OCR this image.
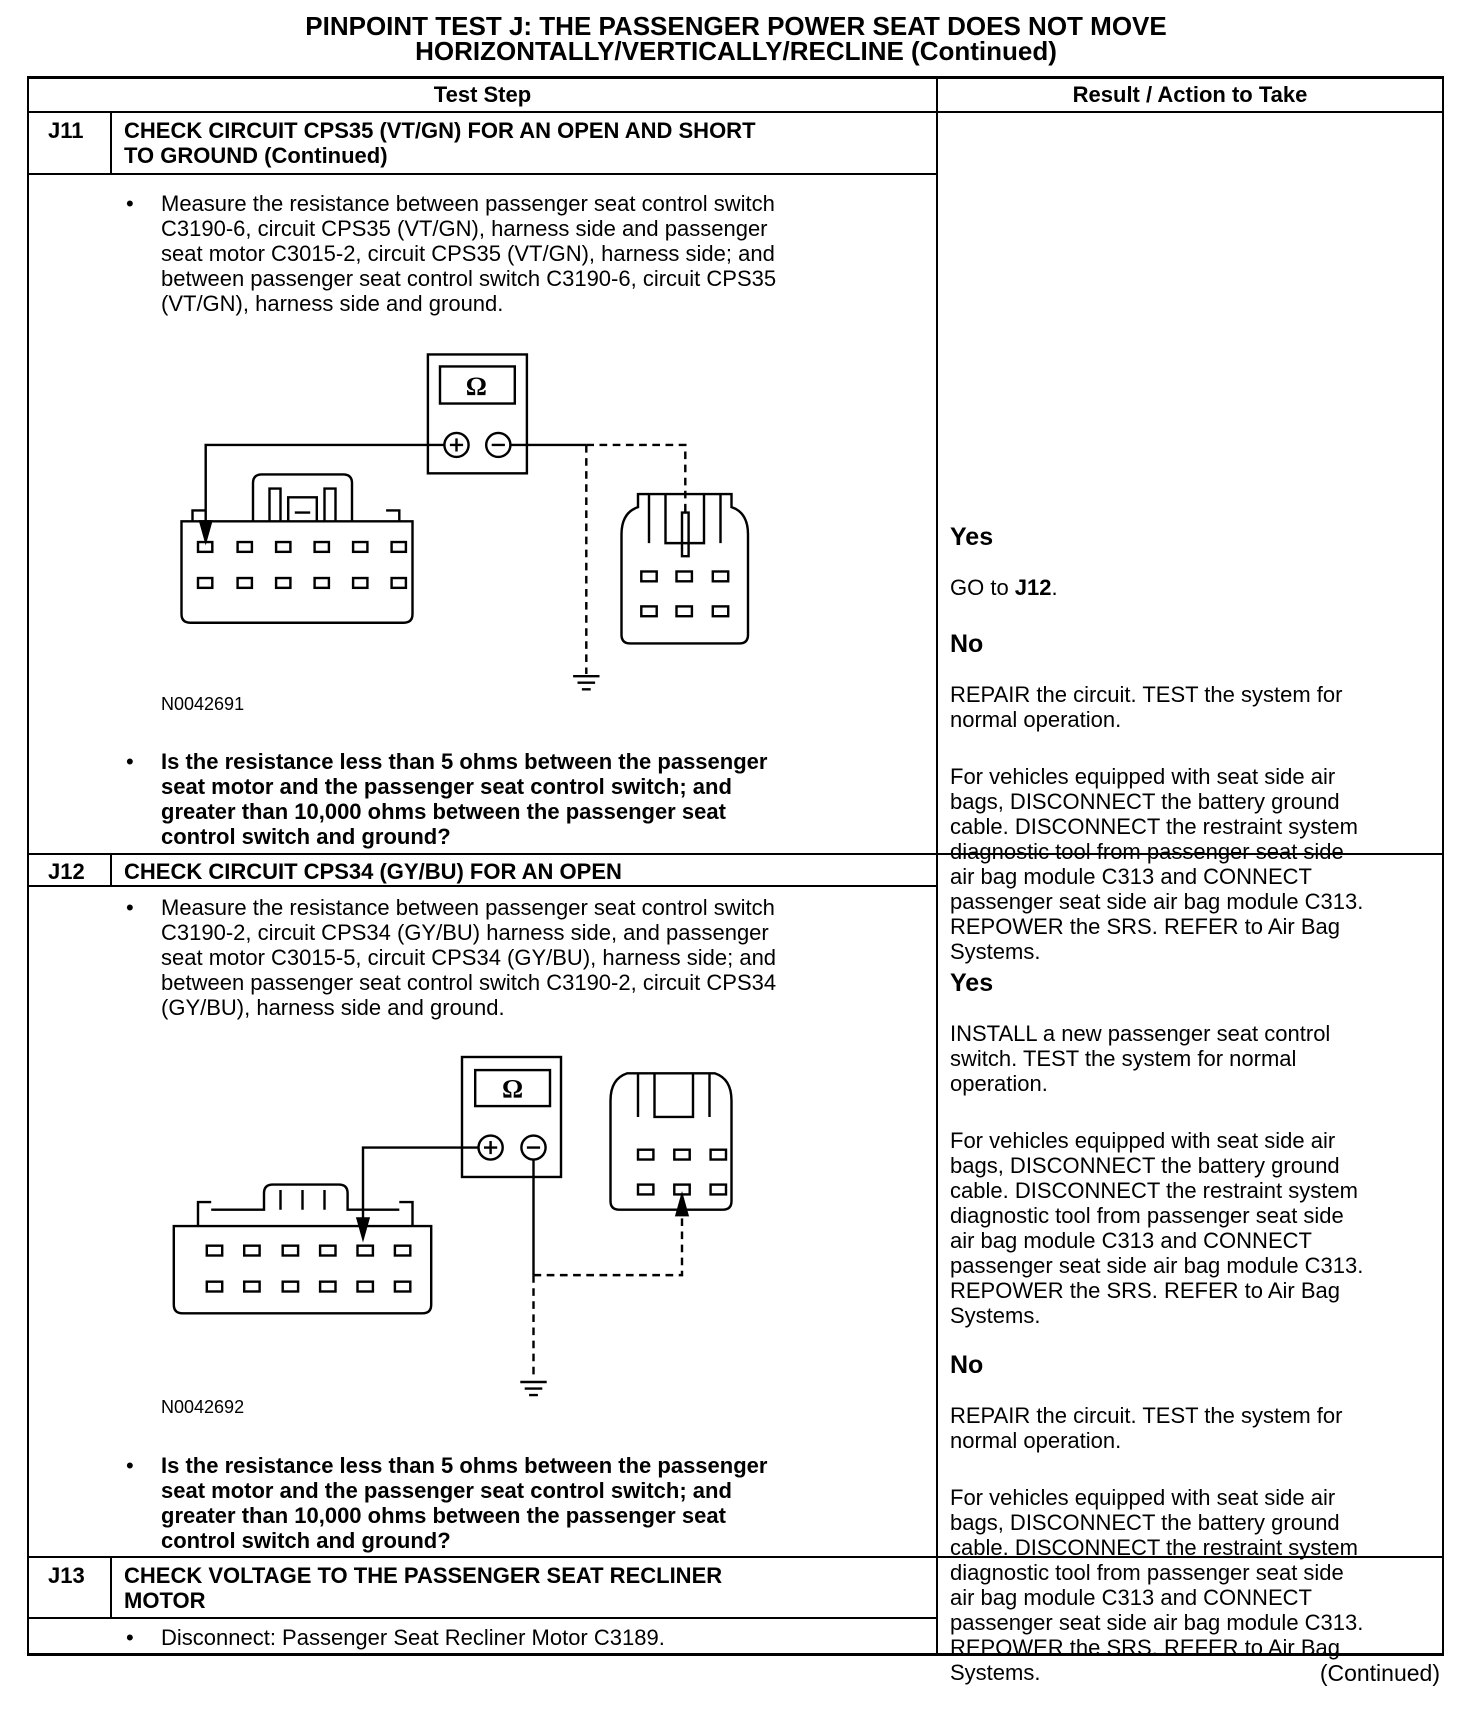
PINPOINT TEST J: THE PASSENGER POWER SEAT DOES NOT MOVE
HORIZONTALLY/VERTICALLY/RECLINE (Continued)
Test Step	Result / Action to Take
J11 CHECK CIRCUIT CPS35 (VT/GN) FOR AN OPEN AND SHORT
TO GROUND (Continued)
• Measure the resistance between passenger seat control switch
C3190-6, circuit CPS35 (VT/GN), harness side and passenger
seat motor C3015-2, circuit CPS35 (VT/GN), harness side; and
between passenger seat control switch C3190-6, circuit CPS35
(VT/GN), harness side and ground.
Ω
N0042691
• Is the resistance less than 5 ohms between the passenger
seat motor and the passenger seat control switch; and
greater than 10,000 ohms between the passenger seat
control switch and ground?

Yes

GO to J12.

No

REPAIR the circuit. TEST the system for
normal operation.

For vehicles equipped with seat side air
bags, DISCONNECT the battery ground
cable. DISCONNECT the restraint system
diagnostic tool from passenger seat side
air bag module C313 and CONNECT
passenger seat side air bag module C313.
REPOWER the SRS. REFER to Air Bag
Systems.

J12 CHECK CIRCUIT CPS34 (GY/BU) FOR AN OPEN
• Measure the resistance between passenger seat control switch
C3190-2, circuit CPS34 (GY/BU) harness side, and passenger
seat motor C3015-5, circuit CPS34 (GY/BU), harness side; and
between passenger seat control switch C3190-2, circuit CPS34
(GY/BU), harness side and ground.
Ω
N0042692
• Is the resistance less than 5 ohms between the passenger
seat motor and the passenger seat control switch; and
greater than 10,000 ohms between the passenger seat
control switch and ground?

Yes

INSTALL a new passenger seat control
switch. TEST the system for normal
operation.

For vehicles equipped with seat side air
bags, DISCONNECT the battery ground
cable. DISCONNECT the restraint system
diagnostic tool from passenger seat side
air bag module C313 and CONNECT
passenger seat side air bag module C313.
REPOWER the SRS. REFER to Air Bag
Systems.

No

REPAIR the circuit. TEST the system for
normal operation.

For vehicles equipped with seat side air
bags, DISCONNECT the battery ground
cable. DISCONNECT the restraint system
diagnostic tool from passenger seat side
air bag module C313 and CONNECT
passenger seat side air bag module C313.
REPOWER the SRS. REFER to Air Bag
Systems.

J13 CHECK VOLTAGE TO THE PASSENGER SEAT RECLINER
MOTOR
• Disconnect: Passenger Seat Recliner Motor C3189.
(Continued)
